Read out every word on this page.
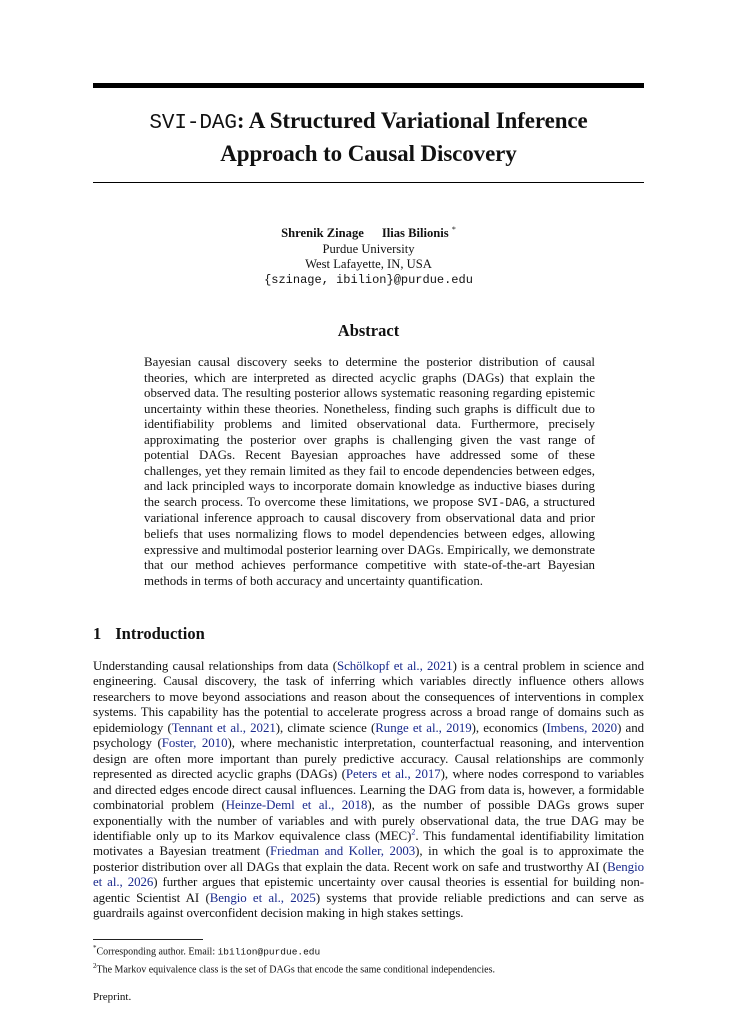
SVI-DAG: A Structured Variational Inference
Approach to Causal Discovery
Shrenik Zinage Ilias Bilionis *
Purdue University
West Lafayette, IN, USA
{szinage, ibilion}@purdue.edu
Abstract
Bayesian causal discovery seeks to determine the posterior distribution of causal theories, which are interpreted as directed acyclic graphs (DAGs) that explain the observed data. The resulting posterior allows systematic reasoning regarding epistemic uncertainty within these theories. Nonetheless, finding such graphs is difficult due to identifiability problems and limited observational data. Furthermore, precisely approximating the posterior over graphs is challenging given the vast range of potential DAGs. Recent Bayesian approaches have addressed some of these challenges, yet they remain limited as they fail to encode dependencies between edges, and lack principled ways to incorporate domain knowledge as inductive biases during the search process. To overcome these limitations, we propose SVI-DAG, a structured variational inference approach to causal discovery from observational data and prior beliefs that uses normalizing flows to model dependencies between edges, allowing expressive and multimodal posterior learning over DAGs. Empirically, we demonstrate that our method achieves performance competitive with state-of-the-art Bayesian methods in terms of both accuracy and uncertainty quantification.
1 Introduction
Understanding causal relationships from data (Schölkopf et al., 2021) is a central problem in science and engineering. Causal discovery, the task of inferring which variables directly influence others allows researchers to move beyond associations and reason about the consequences of interventions in complex systems. This capability has the potential to accelerate progress across a broad range of domains such as epidemiology (Tennant et al., 2021), climate science (Runge et al., 2019), economics (Imbens, 2020) and psychology (Foster, 2010), where mechanistic interpretation, counterfactual reasoning, and intervention design are often more important than purely predictive accuracy. Causal relationships are commonly represented as directed acyclic graphs (DAGs) (Peters et al., 2017), where nodes correspond to variables and directed edges encode direct causal influences. Learning the DAG from data is, however, a formidable combinatorial problem (Heinze-Deml et al., 2018), as the number of possible DAGs grows super exponentially with the number of variables and with purely observational data, the true DAG may be identifiable only up to its Markov equivalence class (MEC)$^2$. This fundamental identifiability limitation motivates a Bayesian treatment (Friedman and Koller, 2003), in which the goal is to approximate the posterior distribution over all DAGs that explain the data. Recent work on safe and trustworthy AI (Bengio et al., 2026) further argues that epistemic uncertainty over causal theories is essential for building non-agentic Scientist AI (Bengio et al., 2025) systems that provide reliable predictions and can serve as guardrails against overconfident decision making in high stakes settings.
*Corresponding author. Email: ibilion@purdue.edu
$^2$The Markov equivalence class is the set of DAGs that encode the same conditional independencies.
Preprint.
